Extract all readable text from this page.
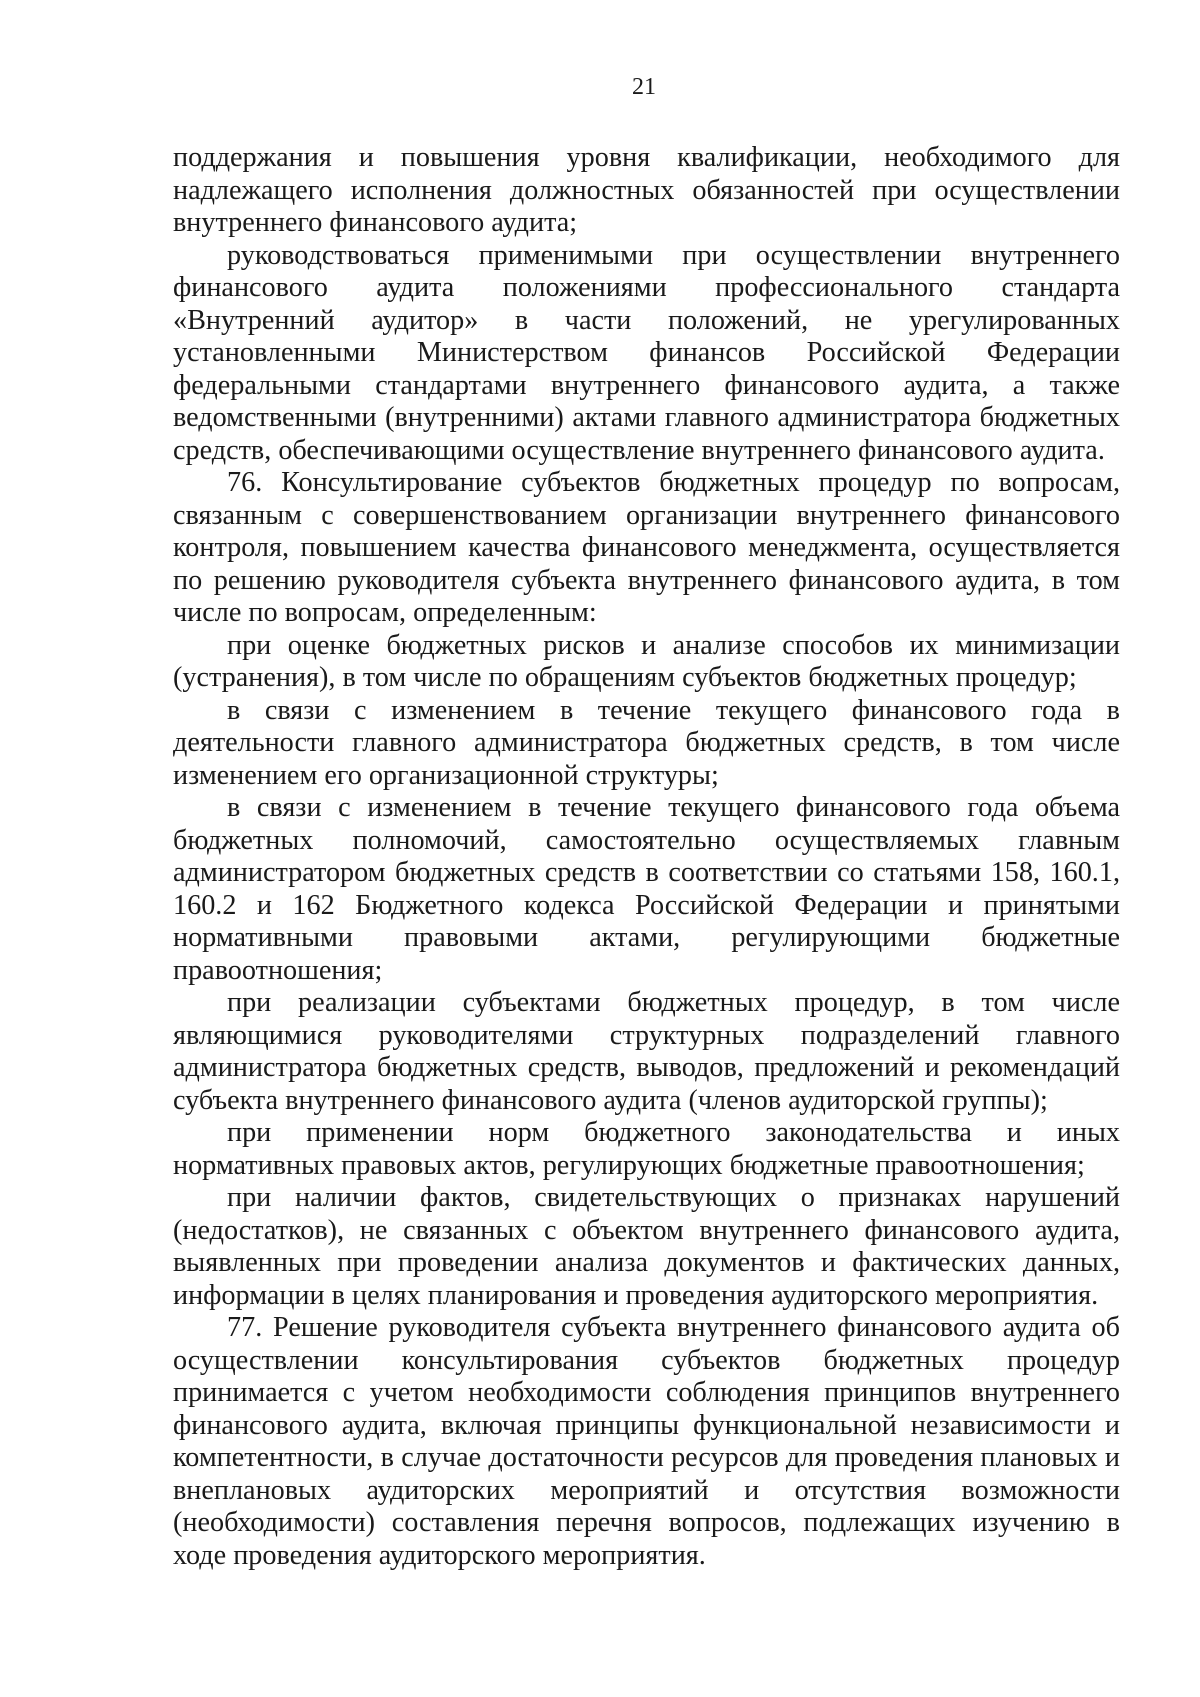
21

поддержания и повышения уровня квалификации, необходимого для надлежащего исполнения должностных обязанностей при осуществлении внутреннего финансового аудита;

руководствоваться применимыми при осуществлении внутреннего финансового аудита положениями профессионального стандарта «Внутренний аудитор» в части положений, не урегулированных установленными Министерством финансов Российской Федерации федеральными стандартами внутреннего финансового аудита, а также ведомственными (внутренними) актами главного администратора бюджетных средств, обеспечивающими осуществление внутреннего финансового аудита.

76. Консультирование субъектов бюджетных процедур по вопросам, связанным с совершенствованием организации внутреннего финансового контроля, повышением качества финансового менеджмента, осуществляется по решению руководителя субъекта внутреннего финансового аудита, в том числе по вопросам, определенным:

при оценке бюджетных рисков и анализе способов их минимизации (устранения), в том числе по обращениям субъектов бюджетных процедур;

в связи с изменением в течение текущего финансового года в деятельности главного администратора бюджетных средств, в том числе изменением его организационной структуры;

в связи с изменением в течение текущего финансового года объема бюджетных полномочий, самостоятельно осуществляемых главным администратором бюджетных средств в соответствии со статьями 158, 160.1, 160.2 и 162 Бюджетного кодекса Российской Федерации и принятыми нормативными правовыми актами, регулирующими бюджетные правоотношения;

при реализации субъектами бюджетных процедур, в том числе являющимися руководителями структурных подразделений главного администратора бюджетных средств, выводов, предложений и рекомендаций субъекта внутреннего финансового аудита (членов аудиторской группы);

при применении норм бюджетного законодательства и иных нормативных правовых актов, регулирующих бюджетные правоотношения;

при наличии фактов, свидетельствующих о признаках нарушений (недостатков), не связанных с объектом внутреннего финансового аудита, выявленных при проведении анализа документов и фактических данных, информации в целях планирования и проведения аудиторского мероприятия.

77. Решение руководителя субъекта внутреннего финансового аудита об осуществлении консультирования субъектов бюджетных процедур принимается с учетом необходимости соблюдения принципов внутреннего финансового аудита, включая принципы функциональной независимости и компетентности, в случае достаточности ресурсов для проведения плановых и внеплановых аудиторских мероприятий и отсутствия возможности (необходимости) составления перечня вопросов, подлежащих изучению в ходе проведения аудиторского мероприятия.
